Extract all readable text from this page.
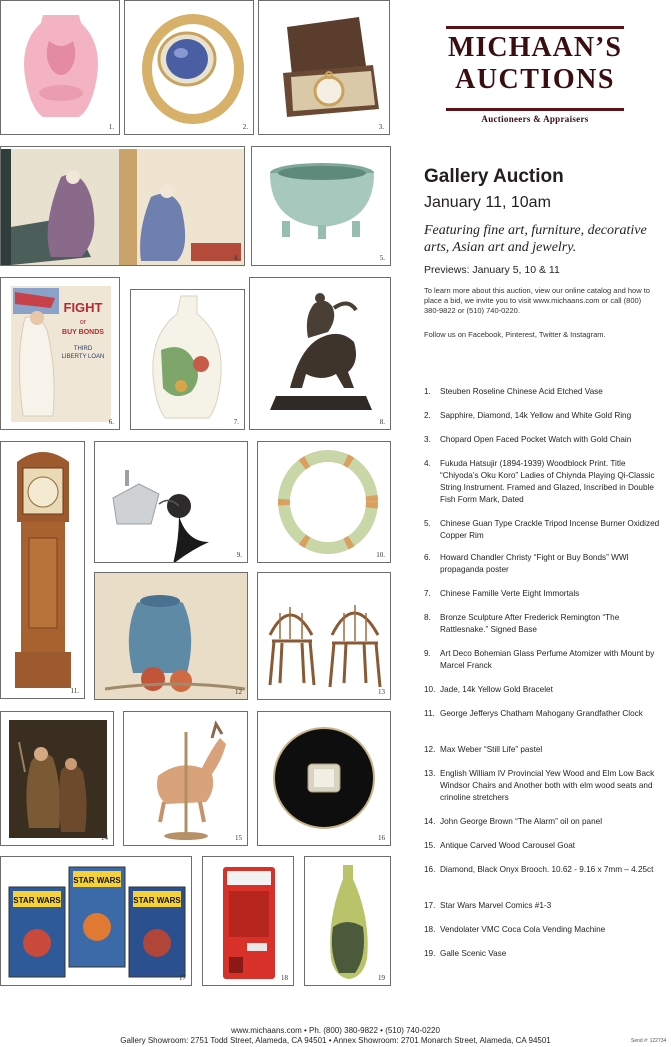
1.	2.	3.
4.	5.
FIGHT
or
BUY BONDS
THIRD
LIBERTY LOAN
6.	7.	8.
11.
9.	10.
12	13
14	15	16
STAR WARS
STAR WARS
STAR WARS
17	18	19
MICHAAN’S
AUCTIONS
Auctioneers & Appraisers
Gallery Auction
January 11, 10am
Featuring fine art, furniture, decorative arts, Asian art and jewelry.
Previews: January 5, 10 & 11
To learn more about this auction, view our online catalog and how to place a bid, we invite you to visit www.michaans.com or call (800) 380-9822 or (510) 740-0220.
Follow us on Facebook, Pinterest, Twitter & Instagram.
1.	Steuben Roseline Chinese Acid Etched Vase
2.	Sapphire, Diamond, 14k Yellow and White Gold Ring
3.	Chopard Open Faced Pocket Watch with Gold Chain
4.	Fukuda Hatsujir (1894-1939) Woodblock Print. Title “Chiyoda’s Oku Koro” Ladies of Chiynda Playing Qi-Classic String Instrument. Framed and Glazed, Inscribed in Double Fish Form Mark, Dated
5.	Chinese Guan Type Crackle Tripod Incense Burner Oxidized Copper Rim
6.	Howard Chandler Christy “Fight or Buy Bonds” WWI propaganda poster
7.	Chinese Famille Verte Eight Immortals
8.	Bronze Sculpture After Frederick Remington “The Rattlesnake.” Signed Base
9.	Art Deco Bohemian Glass Perfume Atomizer with Mount by Marcel Franck
10. Jade, 14k Yellow Gold Bracelet
11. George Jefferys Chatham Mahogany Grandfather Clock
12. Max Weber “Still Life” pastel
13. English William IV Provincial Yew Wood and Elm Low Back Windsor Chairs and Another both with elm wood seats and crinoline stretchers
14. John George Brown “The Alarm” oil on panel
15. Antique Carved Wood Carousel Goat
16. Diamond, Black Onyx Brooch. 10.62 - 9.16 x 7mm – 4.25ct
17. Star Wars Marvel Comics #1-3
18. Vendolater VMC Coca Cola Vending Machine
19. Galle Scenic Vase
www.michaans.com • Ph. (800) 380-9822 • (510) 740-0220
Gallery Showroom: 2751 Todd Street, Alameda, CA 94501 • Annex Showroom: 2701 Monarch Street, Alameda, CA 94501	Send #: 122734
